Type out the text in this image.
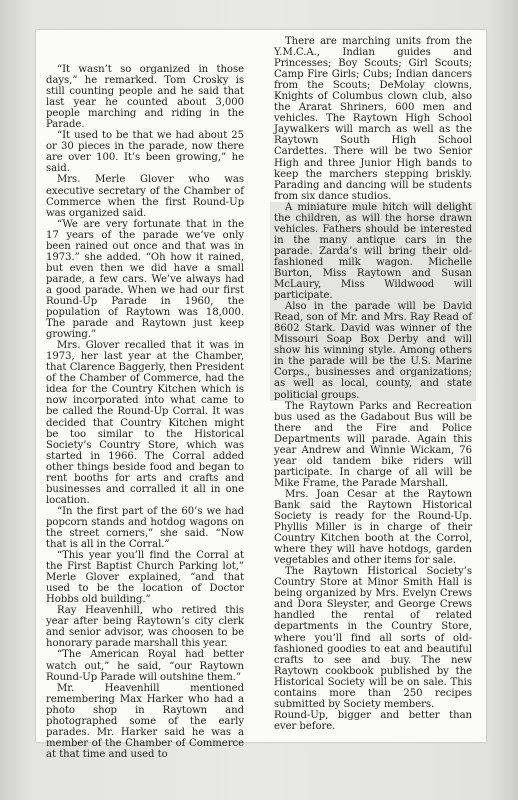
“It wasn’t so organized in those days,” he remarked. Tom Crosky is still counting people and he said that last year he counted about 3,000 people marching and riding in the Parade.

“It used to be that we had about 25 or 30 pieces in the parade, now there are over 100. It’s been growing,” he said.

Mrs. Merle Glover who was executive secretary of the Chamber of Commerce when the first Round-Up was organized said.

“We are very fortunate that in the 17 years of the parade we’ve only been rained out once and that was in 1973.” she added. “Oh how it rained, but even then we did have a small parade, a few cars. We’ve always had a good parade. When we had our first Round-Up Parade in 1960, the population of Raytown was 18,000. The parade and Raytown just keep growing.”

Mrs. Glover recalled that it was in 1973, her last year at the Chamber, that Clarence Baggerly, then President of the Chamber of Commerce, had the idea for the Country Kitchen which is now incorporated into what came to be called the Round-Up Corral. It was decided that Country Kitchen might be too similar to the Historical Society’s Country Store, which was started in 1966. The Corral added other things beside food and began to rent booths for arts and crafts and businesses and corralled it all in one location.

“In the first part of the 60’s we had popcorn stands and hotdog wagons on the street corners,” she said. “Now that is all in the Corral.”

“This year you’ll find the Corral at the First Baptist Church Parking lot,” Merle Glover explained, “and that used to be the location of Doctor Hobbs old building.”

Ray Heavenhill, who retired this year after being Raytown’s city clerk and senior advisor, was choosen to be honorary parade marshall this year.

“The American Royal had better watch out,” he said, “our Raytown Round-Up Parade will outshine them.”

Mr. Heavenhill mentioned remembering Max Harker who had a photo shop in Raytown and photographed some of the early parades. Mr. Harker said he was a member of the Chamber of Commerce at that time and used to

There are marching units from the Y.M.C.A., Indian guides and Princesses; Boy Scouts; Girl Scouts; Camp Fire Girls; Cubs; Indian dancers from the Scouts; DeMolay clowns, Knights of Columbus clown club, also the Ararat Shriners, 600 men and vehicles. The Raytown High School Jaywalkers will march as well as the Raytown South High School Cardettes. There will be two Senior High and three Junior High bands to keep the marchers stepping briskly. Parading and dancing will be students from six dance studios.

A miniature mule hitch will delight the children, as will the horse drawn vehicles. Fathers should be interested in the many antique cars in the parade. Zarda’s will bring their old-fashioned milk wagon. Michelle Burton, Miss Raytown and Susan McLaury, Miss Wildwood will participate.

Also in the parade will be David Read, son of Mr. and Mrs. Ray Read of 8602 Stark. David was winner of the Missouri Soap Box Derby and will show his winning style. Among others in the parade will be the U.S. Marine Corps., businesses and organizations; as well as local, county, and state politicial groups.

The Raytown Parks and Recreation bus used as the Gadabout Bus will be there and the Fire and Police Departments will parade. Again this year Andrew and Winnie Wickam, 76 year old tandem bike riders will participate. In charge of all will be Mike Frame, the Parade Marshall.

Mrs. Joan Cesar at the Raytown Bank said the Raytown Historical Society is ready for the Round-Up. Phyllis Miller is in charge of their Country Kitchen booth at the Corrol, where they will have hotdogs, garden vegetables and other items for sale.

The Raytown Historical Society’s Country Store at Minor Smith Hall is being organized by Mrs. Evelyn Crews and Dora Sleyster, and George Crews handled the rental of related departments in the Country Store, where you’ll find all sorts of old-fashioned goodies to eat and beautiful crafts to see and buy. The new Raytown cookbook published by the Historical Society will be on sale. This contains more than 250 recipes submitted by Society members.

Round-Up, bigger and better than ever before.
